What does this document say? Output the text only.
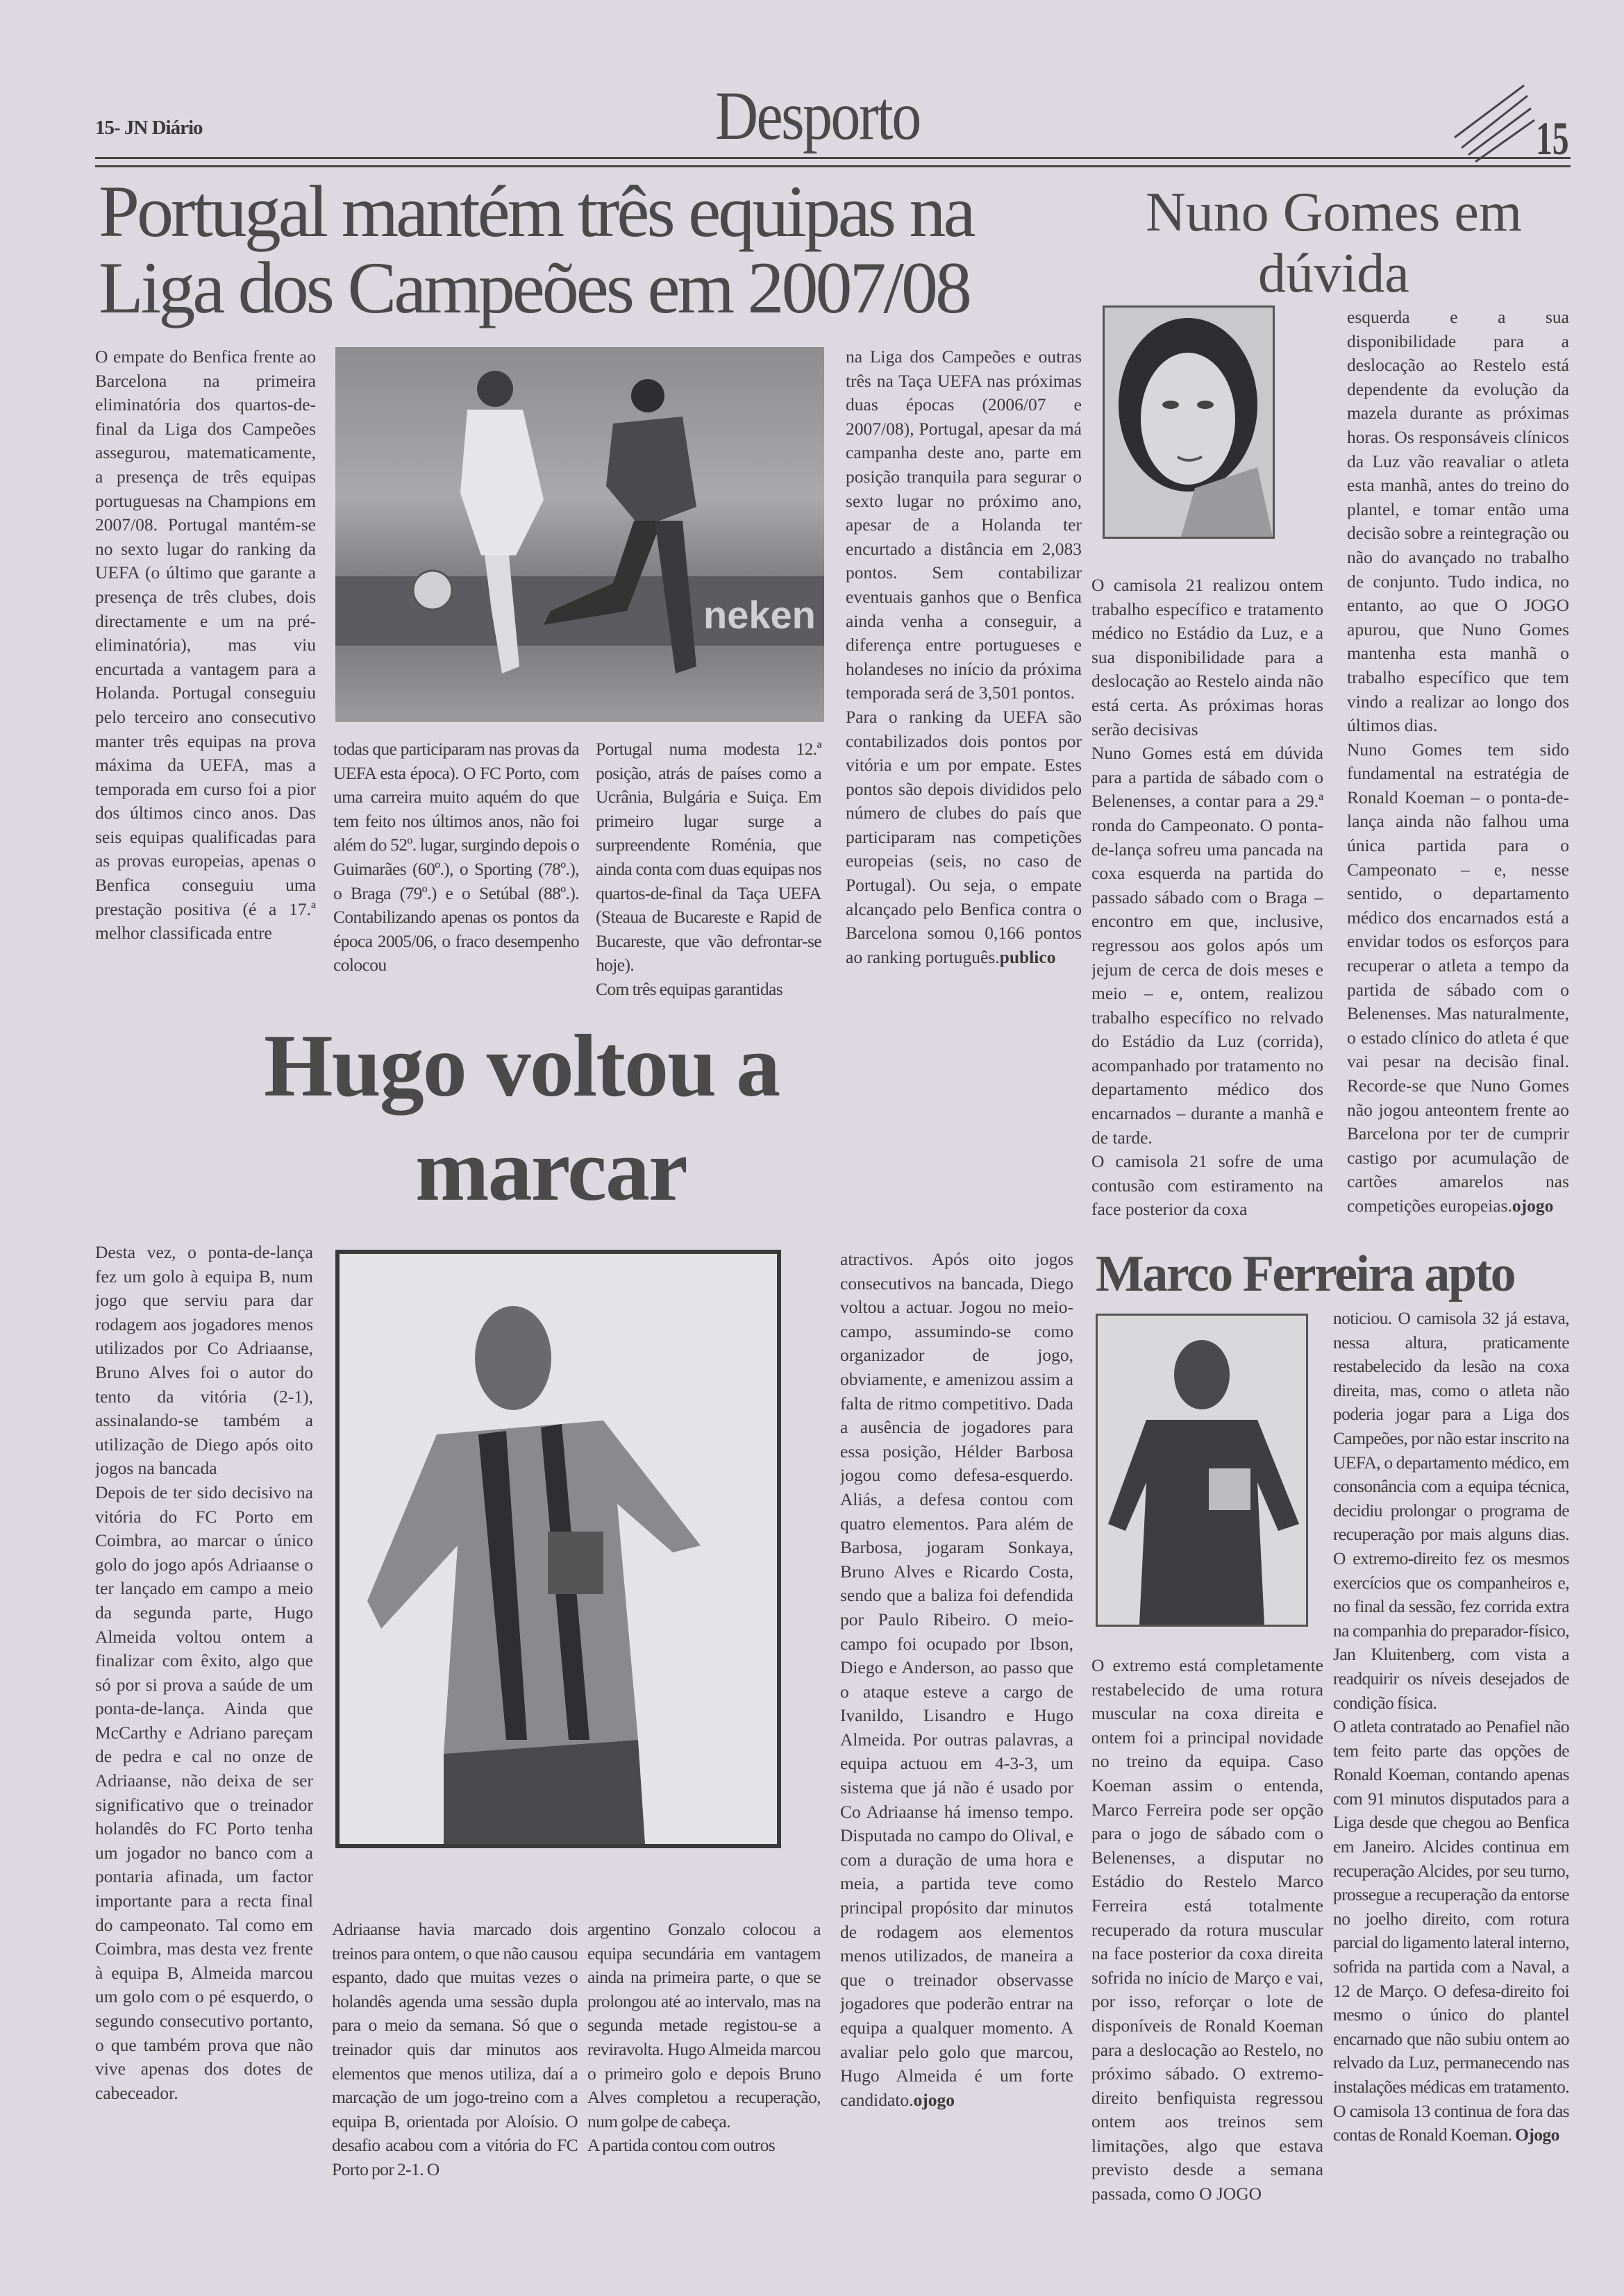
15- JN Diário	Desporto	15
Portugal mantém três equipas na
Liga dos Campeões em 2007/08
neken

O empate do Benfica frente ao Barcelona na primeira eliminatória dos quartos-de-final da Liga dos Campeões assegurou, matematicamente, a presença de três equipas portuguesas na Champions em 2007/08. Portugal mantém-se no sexto lugar do ranking da UEFA (o último que garante a presença de três clubes, dois directamente e um na pré-eliminatória), mas viu encurtada a vantagem para a Holanda. Portugal conseguiu pelo terceiro ano consecutivo manter três equipas na prova máxima da UEFA, mas a temporada em curso foi a pior dos últimos cinco anos. Das seis equipas qualificadas para as provas europeias, apenas o Benfica conseguiu uma prestação positiva (é a 17.ª melhor classificada entre

todas que participaram nas provas da UEFA esta época). O FC Porto, com uma carreira muito aquém do que tem feito nos últimos anos, não foi além do 52º. lugar, surgindo depois o Guimarães (60º.), o Sporting (78º.), o Braga (79º.) e o Setúbal (88º.). Contabilizando apenas os pontos da época 2005/06, o fraco desempenho colocou

Portugal numa modesta 12.ª posição, atrás de países como a Ucrânia, Bulgária e Suiça. Em primeiro lugar surge a surpreendente Roménia, que ainda conta com duas equipas nos quartos-de-final da Taça UEFA (Steaua de Bucareste e Rapid de Bucareste, que vão defrontar-se hoje).

Com três equipas garantidas

na Liga dos Campeões e outras três na Taça UEFA nas próximas duas épocas (2006/07 e 2007/08), Portugal, apesar da má campanha deste ano, parte em posição tranquila para segurar o sexto lugar no próximo ano, apesar de a Holanda ter encurtado a distância em 2,083 pontos. Sem contabilizar eventuais ganhos que o Benfica ainda venha a conseguir, a diferença entre portugueses e holandeses no início da próxima temporada será de 3,501 pontos.

Para o ranking da UEFA são contabilizados dois pontos por vitória e um por empate. Estes pontos são depois divididos pelo número de clubes do país que participaram nas competições europeias (seis, no caso de Portugal). Ou seja, o empate alcançado pelo Benfica contra o Barcelona somou 0,166 pontos ao ranking português.publico

Nuno Gomes em
dúvida

O camisola 21 realizou ontem trabalho específico e tratamento médico no Estádio da Luz, e a sua disponibilidade para a deslocação ao Restelo ainda não está certa. As próximas horas serão decisivas

Nuno Gomes está em dúvida para a partida de sábado com o Belenenses, a contar para a 29.ª ronda do Campeonato. O ponta-de-lança sofreu uma pancada na coxa esquerda na partida do passado sábado com o Braga – encontro em que, inclusive, regressou aos golos após um jejum de cerca de dois meses e meio – e, ontem, realizou trabalho específico no relvado do Estádio da Luz (corrida), acompanhado por tratamento no departamento médico dos encarnados – durante a manhã e de tarde.

O camisola 21 sofre de uma contusão com estiramento na face posterior da coxa

esquerda e a sua disponibilidade para a deslocação ao Restelo está dependente da evolução da mazela durante as próximas horas. Os responsáveis clínicos da Luz vão reavaliar o atleta esta manhã, antes do treino do plantel, e tomar então uma decisão sobre a reintegração ou não do avançado no trabalho de conjunto. Tudo indica, no entanto, ao que O JOGO apurou, que Nuno Gomes mantenha esta manhã o trabalho específico que tem vindo a realizar ao longo dos últimos dias.

Nuno Gomes tem sido fundamental na estratégia de Ronald Koeman – o ponta-de-lança ainda não falhou uma única partida para o Campeonato – e, nesse sentido, o departamento médico dos encarnados está a envidar todos os esforços para recuperar o atleta a tempo da partida de sábado com o Belenenses. Mas naturalmente, o estado clínico do atleta é que vai pesar na decisão final. Recorde-se que Nuno Gomes não jogou anteontem frente ao Barcelona por ter de cumprir castigo por acumulação de cartões amarelos nas competições europeias.ojogo

Hugo voltou a
marcar

Desta vez, o ponta-de-lança fez um golo à equipa B, num jogo que serviu para dar rodagem aos jogadores menos utilizados por Co Adriaanse, Bruno Alves foi o autor do tento da vitória (2-1), assinalando-se também a utilização de Diego após oito jogos na bancada

Depois de ter sido decisivo na vitória do FC Porto em Coimbra, ao marcar o único golo do jogo após Adriaanse o ter lançado em campo a meio da segunda parte, Hugo Almeida voltou ontem a finalizar com êxito, algo que só por si prova a saúde de um ponta-de-lança. Ainda que McCarthy e Adriano pareçam de pedra e cal no onze de Adriaanse, não deixa de ser significativo que o treinador holandês do FC Porto tenha um jogador no banco com a pontaria afinada, um factor importante para a recta final do campeonato. Tal como em Coimbra, mas desta vez frente à equipa B, Almeida marcou um golo com o pé esquerdo, o segundo consecutivo portanto, o que também prova que não vive apenas dos dotes de cabeceador.

Adriaanse havia marcado dois treinos para ontem, o que não causou espanto, dado que muitas vezes o holandês agenda uma sessão dupla para o meio da semana. Só que o treinador quis dar minutos aos elementos que menos utiliza, daí a marcação de um jogo-treino com a equipa B, orientada por Aloísio. O desafio acabou com a vitória do FC Porto por 2-1. O

argentino Gonzalo colocou a equipa secundária em vantagem ainda na primeira parte, o que se prolongou até ao intervalo, mas na segunda metade registou-se a reviravolta. Hugo Almeida marcou o primeiro golo e depois Bruno Alves completou a recuperação, num golpe de cabeça.

A partida contou com outros

atractivos. Após oito jogos consecutivos na bancada, Diego voltou a actuar. Jogou no meio-campo, assumindo-se como organizador de jogo, obviamente, e amenizou assim a falta de ritmo competitivo. Dada a ausência de jogadores para essa posição, Hélder Barbosa jogou como defesa-esquerdo. Aliás, a defesa contou com quatro elementos. Para além de Barbosa, jogaram Sonkaya, Bruno Alves e Ricardo Costa, sendo que a baliza foi defendida por Paulo Ribeiro. O meio-campo foi ocupado por Ibson, Diego e Anderson, ao passo que o ataque esteve a cargo de Ivanildo, Lisandro e Hugo Almeida. Por outras palavras, a equipa actuou em 4-3-3, um sistema que já não é usado por Co Adriaanse há imenso tempo. Disputada no campo do Olival, e com a duração de uma hora e meia, a partida teve como principal propósito dar minutos de rodagem aos elementos menos utilizados, de maneira a que o treinador observasse jogadores que poderão entrar na equipa a qualquer momento. A avaliar pelo golo que marcou, Hugo Almeida é um forte candidato.ojogo

Marco Ferreira apto

O extremo está completamente restabelecido de uma rotura muscular na coxa direita e ontem foi a principal novidade no treino da equipa. Caso Koeman assim o entenda, Marco Ferreira pode ser opção para o jogo de sábado com o Belenenses, a disputar no Estádio do Restelo Marco Ferreira está totalmente recuperado da rotura muscular na face posterior da coxa direita sofrida no início de Março e vai, por isso, reforçar o lote de disponíveis de Ronald Koeman para a deslocação ao Restelo, no próximo sábado. O extremo-direito benfiquista regressou ontem aos treinos sem limitações, algo que estava previsto desde a semana passada, como O JOGO

noticiou. O camisola 32 já estava, nessa altura, praticamente restabelecido da lesão na coxa direita, mas, como o atleta não poderia jogar para a Liga dos Campeões, por não estar inscrito na UEFA, o departamento médico, em consonância com a equipa técnica, decidiu prolongar o programa de recuperação por mais alguns dias. O extremo-direito fez os mesmos exercícios que os companheiros e, no final da sessão, fez corrida extra na companhia do preparador-físico, Jan Kluitenberg, com vista a readquirir os níveis desejados de condição física.

O atleta contratado ao Penafiel não tem feito parte das opções de Ronald Koeman, contando apenas com 91 minutos disputados para a Liga desde que chegou ao Benfica em Janeiro. Alcides continua em recuperação Alcides, por seu turno, prossegue a recuperação da entorse no joelho direito, com rotura parcial do ligamento lateral interno, sofrida na partida com a Naval, a 12 de Março. O defesa-direito foi mesmo o único do plantel encarnado que não subiu ontem ao relvado da Luz, permanecendo nas instalações médicas em tratamento. O camisola 13 continua de fora das contas de Ronald Koeman. Ojogo
